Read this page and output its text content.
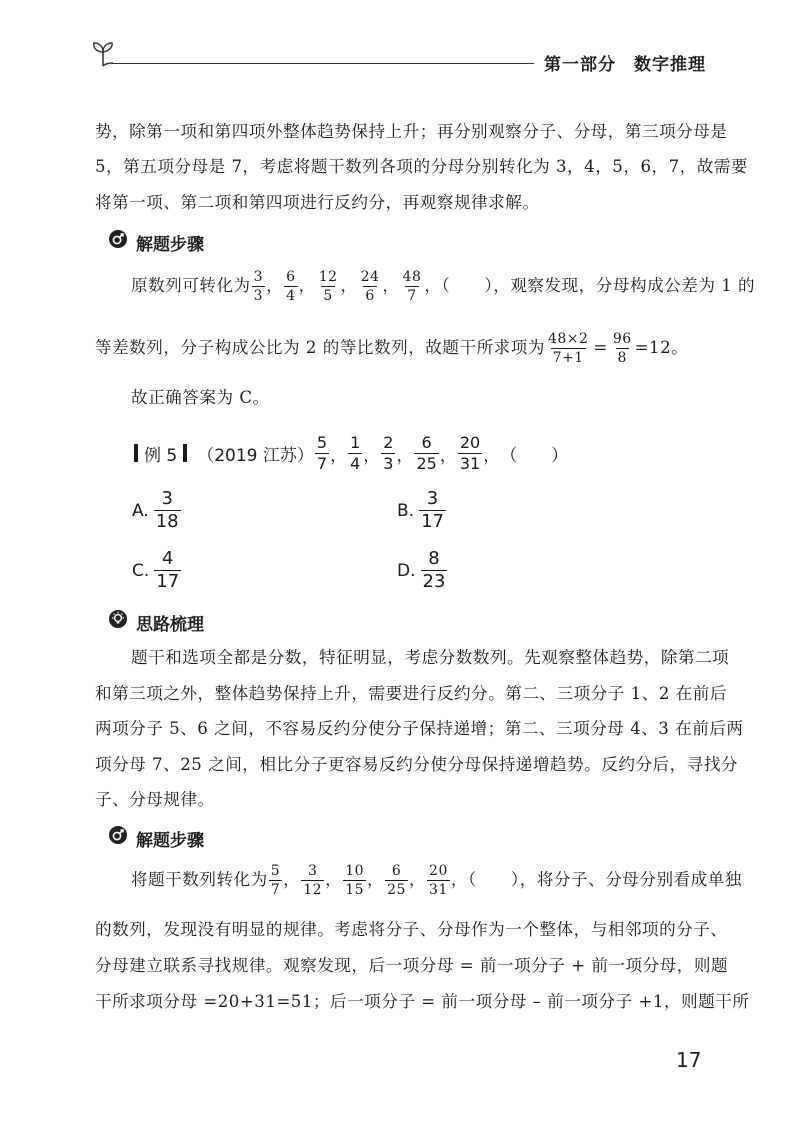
第一部分　数字推理
势，除第一项和第四项外整体趋势保持上升；再分别观察分子、分母，第三项分母是
5，第五项分母是 7，考虑将题干数列各项的分母分别转化为 3，4，5，6，7，故需要
将第一项、第二项和第四项进行反约分，再观察规律求解。
解题步骤
原数列可转化为 $\frac{3}{3}$ ， $\frac{6}{4}$ ， $\frac{12}{5}$ ， $\frac{24}{6}$ ， $\frac{48}{7}$ ，（　　），观察发现，分母构成公差为 1 的
等差数列，分子构成公比为 2 的等比数列，故题干所求项为 $\frac{48\times 2}{7+1} = \frac{96}{8} =12$。
故正确答案为 C。
例 5 （2019 江苏） $\frac{5}{7}$ ， $\frac{1}{4}$ ， $\frac{2}{3}$ ， $\frac{6}{25}$ ， $\frac{20}{31}$ ， （　　）
A. $\frac{3}{18}$	B. $\frac{3}{17}$
C. $\frac{4}{17}$	D. $\frac{8}{23}$
思路梳理
题干和选项全都是分数，特征明显，考虑分数数列。先观察整体趋势，除第二项
和第三项之外，整体趋势保持上升，需要进行反约分。第二、三项分子 1、2 在前后
两项分子 5、6 之间，不容易反约分使分子保持递增；第二、三项分母 4、3 在前后两
项分母 7、25 之间，相比分子更容易反约分使分母保持递增趋势。反约分后，寻找分
子、分母规律。
解题步骤
将题干数列转化为 $\frac{5}{7}$ ， $\frac{3}{12}$ ， $\frac{10}{15}$ ， $\frac{6}{25}$ ， $\frac{20}{31}$ ，（　　），将分子、分母分别看成单独
的数列，发现没有明显的规律。考虑将分子、分母作为一个整体，与相邻项的分子、
分母建立联系寻找规律。观察发现，后一项分母 = 前一项分子 + 前一项分母，则题
干所求项分母 =20+31=51；后一项分子 = 前一项分母 – 前一项分子 +1，则题干所
17
